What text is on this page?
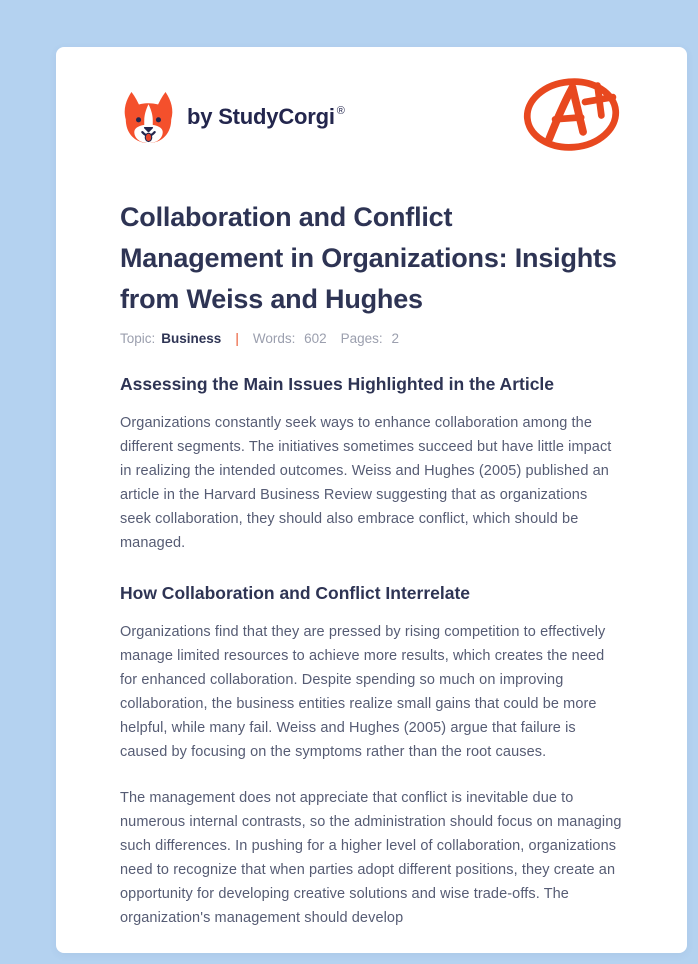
by StudyCorgi ®
Collaboration and Conflict Management in Organizations: Insights from Weiss and Hughes
Topic: Business | Words: 602 Pages: 2
Assessing the Main Issues Highlighted in the Article

Organizations constantly seek ways to enhance collaboration among the different segments. The initiatives sometimes succeed but have little impact in realizing the intended outcomes. Weiss and Hughes (2005) published an article in the Harvard Business Review suggesting that as organizations seek collaboration, they should also embrace conflict, which should be managed.

How Collaboration and Conflict Interrelate

Organizations find that they are pressed by rising competition to effectively manage limited resources to achieve more results, which creates the need for enhanced collaboration. Despite spending so much on improving collaboration, the business entities realize small gains that could be more helpful, while many fail. Weiss and Hughes (2005) argue that failure is caused by focusing on the symptoms rather than the root causes.

The management does not appreciate that conflict is inevitable due to numerous internal contrasts, so the administration should focus on managing such differences. In pushing for a higher level of collaboration, organizations need to recognize that when parties adopt different positions, they create an opportunity for developing creative solutions and wise trade-offs. The organization's management should develop
